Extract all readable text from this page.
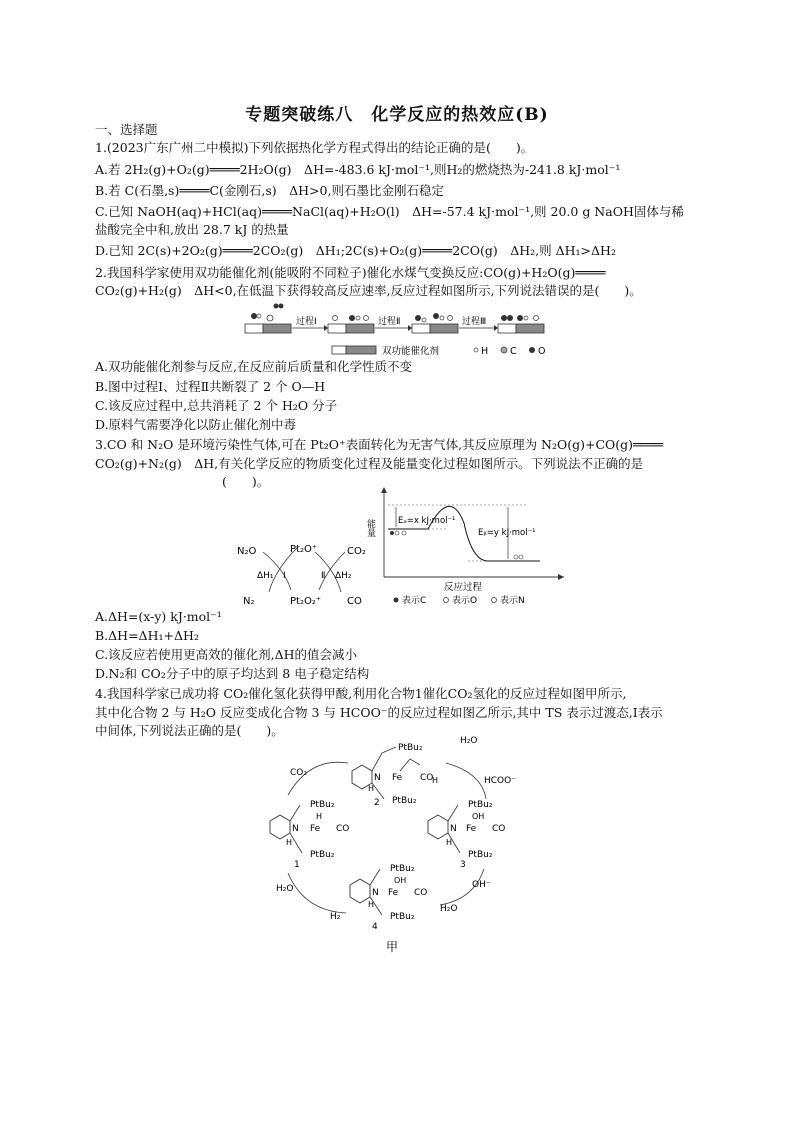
专题突破练八　化学反应的热效应(B)
一、选择题
1.(2023广东广州二中模拟)下列依据热化学方程式得出的结论正确的是(　　)。
A.若 2H₂(g)+O₂(g)════2H₂O(g)　ΔH=-483.6 kJ·mol⁻¹,则H₂的燃烧热为-241.8 kJ·mol⁻¹
B.若 C(石墨,s)════C(金刚石,s)　ΔH>0,则石墨比金刚石稳定
C.已知 NaOH(aq)+HCl(aq)════NaCl(aq)+H₂O(l)　ΔH=-57.4 kJ·mol⁻¹,则 20.0 g NaOH固体与稀
盐酸完全中和,放出 28.7 kJ 的热量
D.已知 2C(s)+2O₂(g)════2CO₂(g)　ΔH₁;2C(s)+O₂(g)════2CO(g)　ΔH₂,则 ΔH₁>ΔH₂
2.我国科学家使用双功能催化剂(能吸附不同粒子)催化水煤气变换反应:CO(g)+H₂O(g)════
CO₂(g)+H₂(g)　ΔH<0,在低温下获得较高反应速率,反应过程如图所示,下列说法错误的是(　　)。
过程Ⅰ	过程Ⅱ	过程Ⅲ
双功能催化剂	H C O
A.双功能催化剂参与反应,在反应前后质量和化学性质不变
B.图中过程Ⅰ、过程Ⅱ共断裂了 2 个 O—H
C.该反应过程中,总共消耗了 2 个 H₂O 分子
D.原料气需要净化以防止催化剂中毒
3.CO 和 N₂O 是环境污染性气体,可在 Pt₂O⁺表面转化为无害气体,其反应原理为 N₂O(g)+CO(g)════
CO₂(g)+N₂(g)　ΔH,有关化学反应的物质变化过程及能量变化过程如图所示。下列说法不正确的是
(　　)。
N₂O	Pt₂O⁺	CO₂
ΔH₁ Ⅰ	Ⅱ ΔH₂
N₂	Pt₂O₂⁺	CO
能量	Eₐ=x kJ·mol⁻¹
Eᵦ=y kJ·mol⁻¹
反应过程
表示C	表示O	表示N
A.ΔH=(x-y) kJ·mol⁻¹
B.ΔH=ΔH₁+ΔH₂
C.该反应若使用更高效的催化剂,ΔH的值会减小
D.N₂和 CO₂分子中的原子均达到 8 电子稳定结构
4.我国科学家已成功将 CO₂催化氢化获得甲酸,利用化合物1催化CO₂氢化的反应过程如图甲所示,
其中化合物 2 与 H₂O 反应变成化合物 3 与 HCOO⁻的反应过程如图乙所示,其中 TS 表示过渡态,Ⅰ表示
中间体,下列说法正确的是(　　)。
N
PtBu₂
Fe CO
H
PtBu₂
2
H
PtBu₂
N Fe CO
H
H
PtBu₂
1
PtBu₂
N Fe CO
OH
H
PtBu₂
3
PtBu₂
N Fe CO
OH
H
PtBu₂
4
CO₂
H₂O
HCOO⁻
OH⁻
H₂O
H₂O
H₂
甲
